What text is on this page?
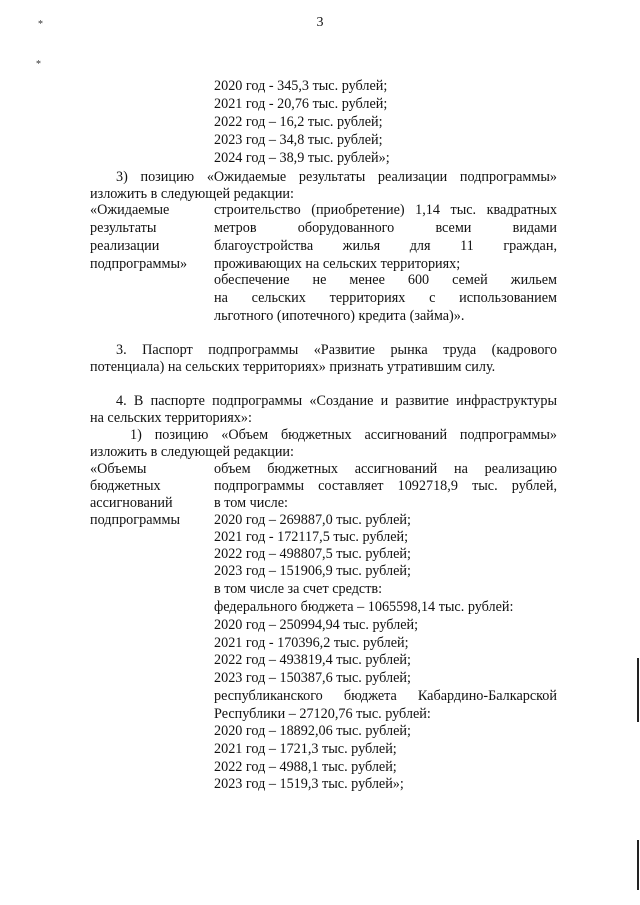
3
*
*
2020 год - 345,3 тыс. рублей;
2021 год - 20,76 тыс. рублей;
2022 год – 16,2 тыс. рублей;
2023 год – 34,8 тыс. рублей;
2024 год – 38,9 тыс. рублей»;
3) позицию «Ожидаемые результаты реализации подпрограммы»
изложить в следующей редакции:
«Ожидаемые
результаты
реализации
подпрограммы»
строительство (приобретение) 1,14 тыс. квадратных
метров оборудованного всеми видами
благоустройства жилья для 11 граждан,
проживающих на сельских территориях;
обеспечение не менее 600 семей жильем
на сельских территориях с использованием
льготного (ипотечного) кредита (займа)».
3. Паспорт подпрограммы «Развитие рынка труда (кадрового
потенциала) на сельских территориях» признать утратившим силу.
4. В паспорте подпрограммы «Создание и развитие инфраструктуры
на сельских территориях»:
1) позицию «Объем бюджетных ассигнований подпрограммы»
изложить в следующей редакции:
«Объемы
бюджетных
ассигнований
подпрограммы
объем бюджетных ассигнований на реализацию
подпрограммы составляет 1092718,9 тыс. рублей,
в том числе:
2020 год – 269887,0 тыс. рублей;
2021 год - 172117,5 тыс. рублей;
2022 год – 498807,5 тыс. рублей;
2023 год – 151906,9 тыс. рублей;
в том числе за счет средств:
федерального бюджета – 1065598,14 тыс. рублей:
2020 год – 250994,94 тыс. рублей;
2021 год - 170396,2 тыс. рублей;
2022 год – 493819,4 тыс. рублей;
2023 год – 150387,6 тыс. рублей;
республиканского бюджета Кабардино-Балкарской
Республики – 27120,76 тыс. рублей:
2020 год – 18892,06 тыс. рублей;
2021 год – 1721,3 тыс. рублей;
2022 год – 4988,1 тыс. рублей;
2023 год – 1519,3 тыс. рублей»;
